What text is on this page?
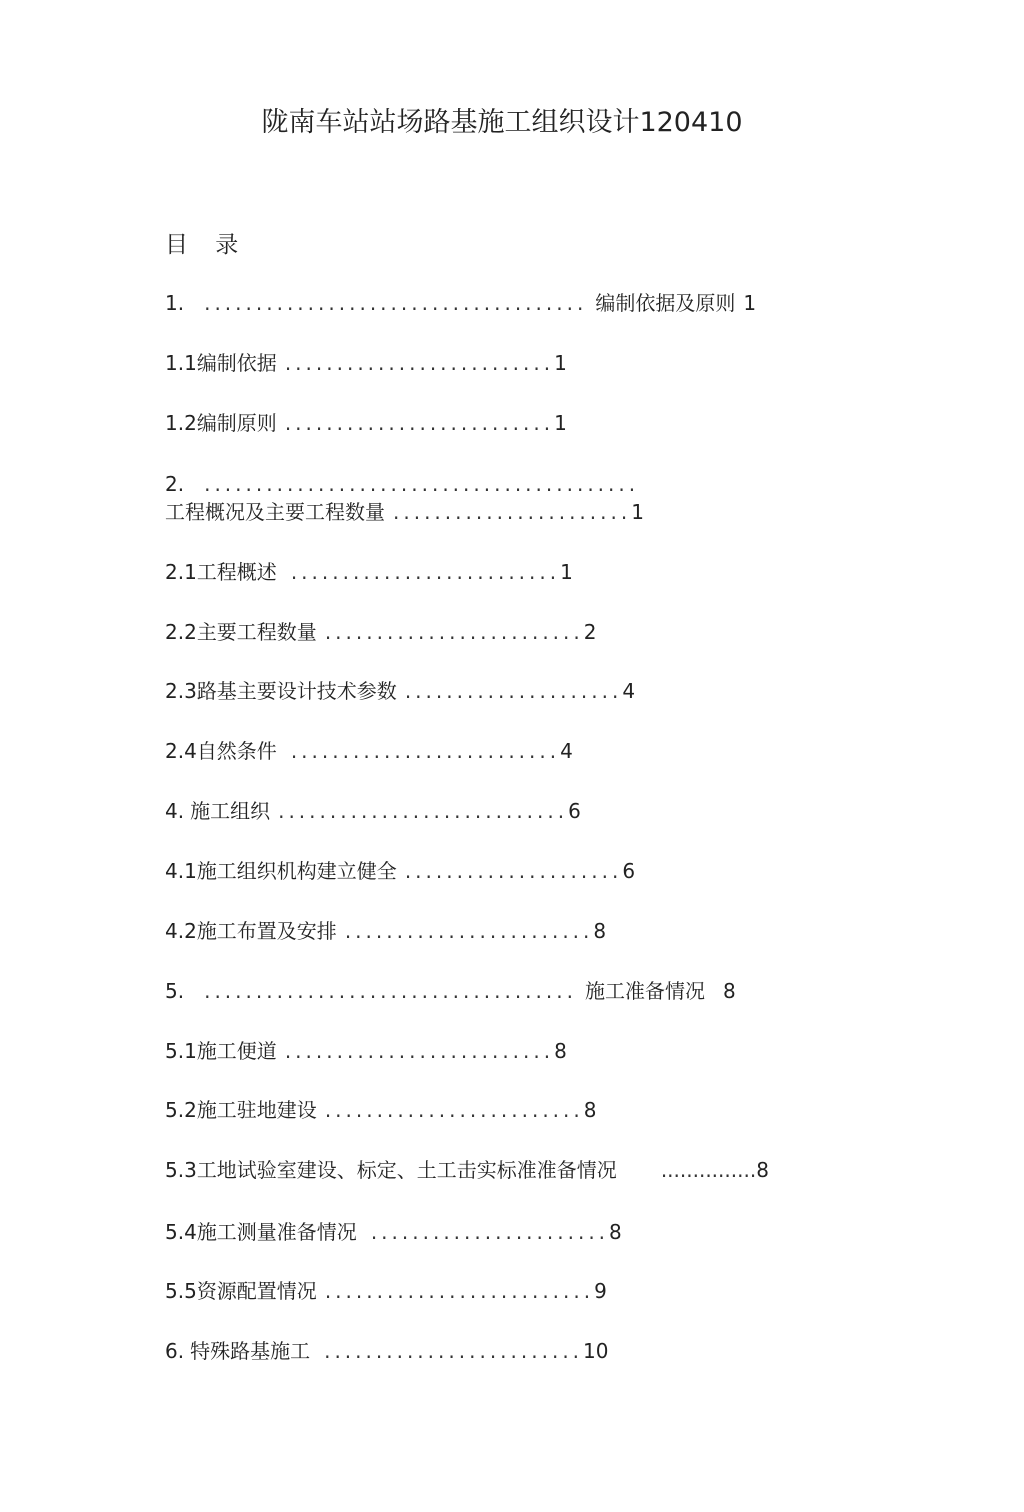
陇南车站站场路基施工组织设计120410
目 录
1. ..................................... 编制依据及原则 1
1.1编制依据 ..........................1
1.2编制原则 ..........................1
2. ..........................................
工程概况及主要工程数量 .......................1
2.1工程概述 ..........................1
2.2主要工程数量 .........................2
2.3路基主要设计技术参数 .....................4
2.4自然条件 ..........................4
4. 施工组织 ............................6
4.1施工组织机构建立健全 .....................6
4.2施工布置及安排 ........................8
5. .................................... 施工准备情况 8
5.1施工便道 ..........................8
5.2施工驻地建设 .........................8
5.3工地试验室建设、标定、土工击实标准准备情况 ...............8
5.4施工测量准备情况 .......................8
5.5资源配置情况 ..........................9
6. 特殊路基施工 .........................10
